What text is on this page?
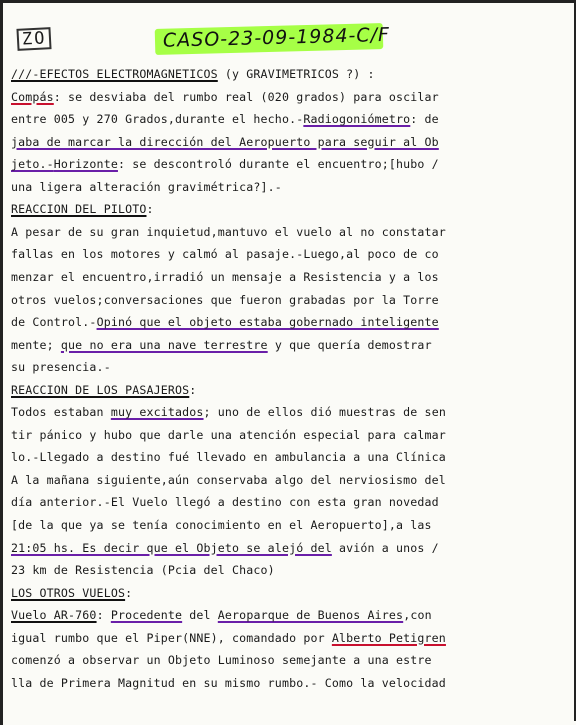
ZO	CASO-23-09-1984-C/F
///-EFECTOS ELECTROMAGNETICOS (y GRAVIMETRICOS ?) :
Compás: se desviaba del rumbo real (020 grados) para oscilar
entre 005 y 270 Grados,durante el hecho.-Radiogoniómetro: de
jaba de marcar la dirección del Aeropuerto para seguir al Ob
jeto.-Horizonte: se descontroló durante el encuentro;[hubo /
una ligera alteración gravimétrica?].-
REACCION DEL PILOTO:
A pesar de su gran inquietud,mantuvo el vuelo al no constatar
fallas en los motores y calmó al pasaje.-Luego,al poco de co
menzar el encuentro,irradió un mensaje a Resistencia y a los
otros vuelos;conversaciones que fueron grabadas por la Torre
de Control.-Opinó que el objeto estaba gobernado inteligente
mente; que no era una nave terrestre y que quería demostrar
su presencia.-
REACCION DE LOS PASAJEROS:
Todos estaban muy excitados; uno de ellos dió muestras de sen
tir pánico y hubo que darle una atención especial para calmar
lo.-Llegado a destino fué llevado en ambulancia a una Clínica
A la mañana siguiente,aún conservaba algo del nerviosismo del
día anterior.-El Vuelo llegó a destino con esta gran novedad
[de la que ya se tenía conocimiento en el Aeropuerto],a las
21:05 hs. Es decir que el Objeto se alejó del avión a unos /
23 km de Resistencia (Pcia del Chaco)
LOS OTROS VUELOS:
Vuelo AR-760: Procedente del Aeroparque de Buenos Aires,con
igual rumbo que el Piper(NNE), comandado por Alberto Petigren
comenzó a observar un Objeto Luminoso semejante a una estre
lla de Primera Magnitud en su mismo rumbo.- Como la velocidad
